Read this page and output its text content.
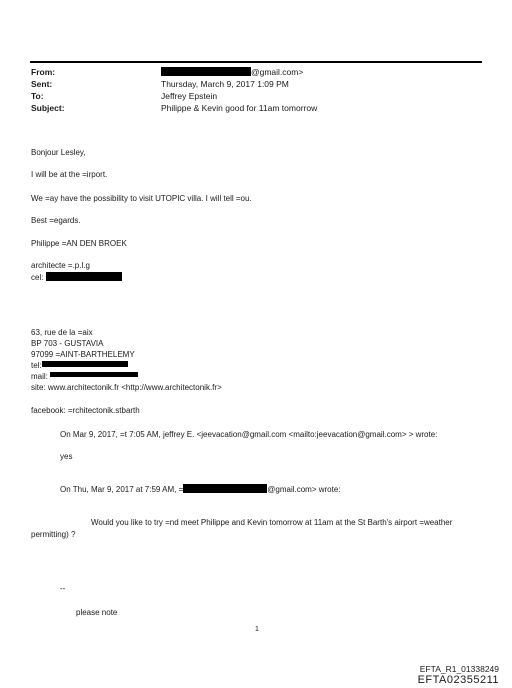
From:	@gmail.com>
Sent:	Thursday, March 9, 2017 1:09 PM
To:	Jeffrey Epstein
Subject:	Philippe & Kevin good for 11am tomorrow
Bonjour Lesley,
I will be at the =irport.
We =ay have the possibility to visit UTOPIC villa. I will tell =ou.
Best =egards.
Philippe =AN DEN BROEK
architecte =.p.l.g
cel:
63, rue de la =aix
BP 703 - GUSTAVIA
97099 =AINT-BARTHELEMY
tel:
mail:
site: www.architectonik.fr <http://www.architectonik.fr>
facebook: =rchitectonik.stbarth
On Mar 9, 2017, =t 7:05 AM, jeffrey E. <jeevacation@gmail.com <mailto:jeevacation@gmail.com> > wrote:
yes
On Thu, Mar 9, 2017 at 7:59 AM, =	@gmail.com> wrote:
Would you like to try =nd meet Philippe and Kevin tomorrow at 11am at the St Barth's airport =weather
permitting) ?
--
please note
1
EFTA_R1_01338249
EFTA02355211
